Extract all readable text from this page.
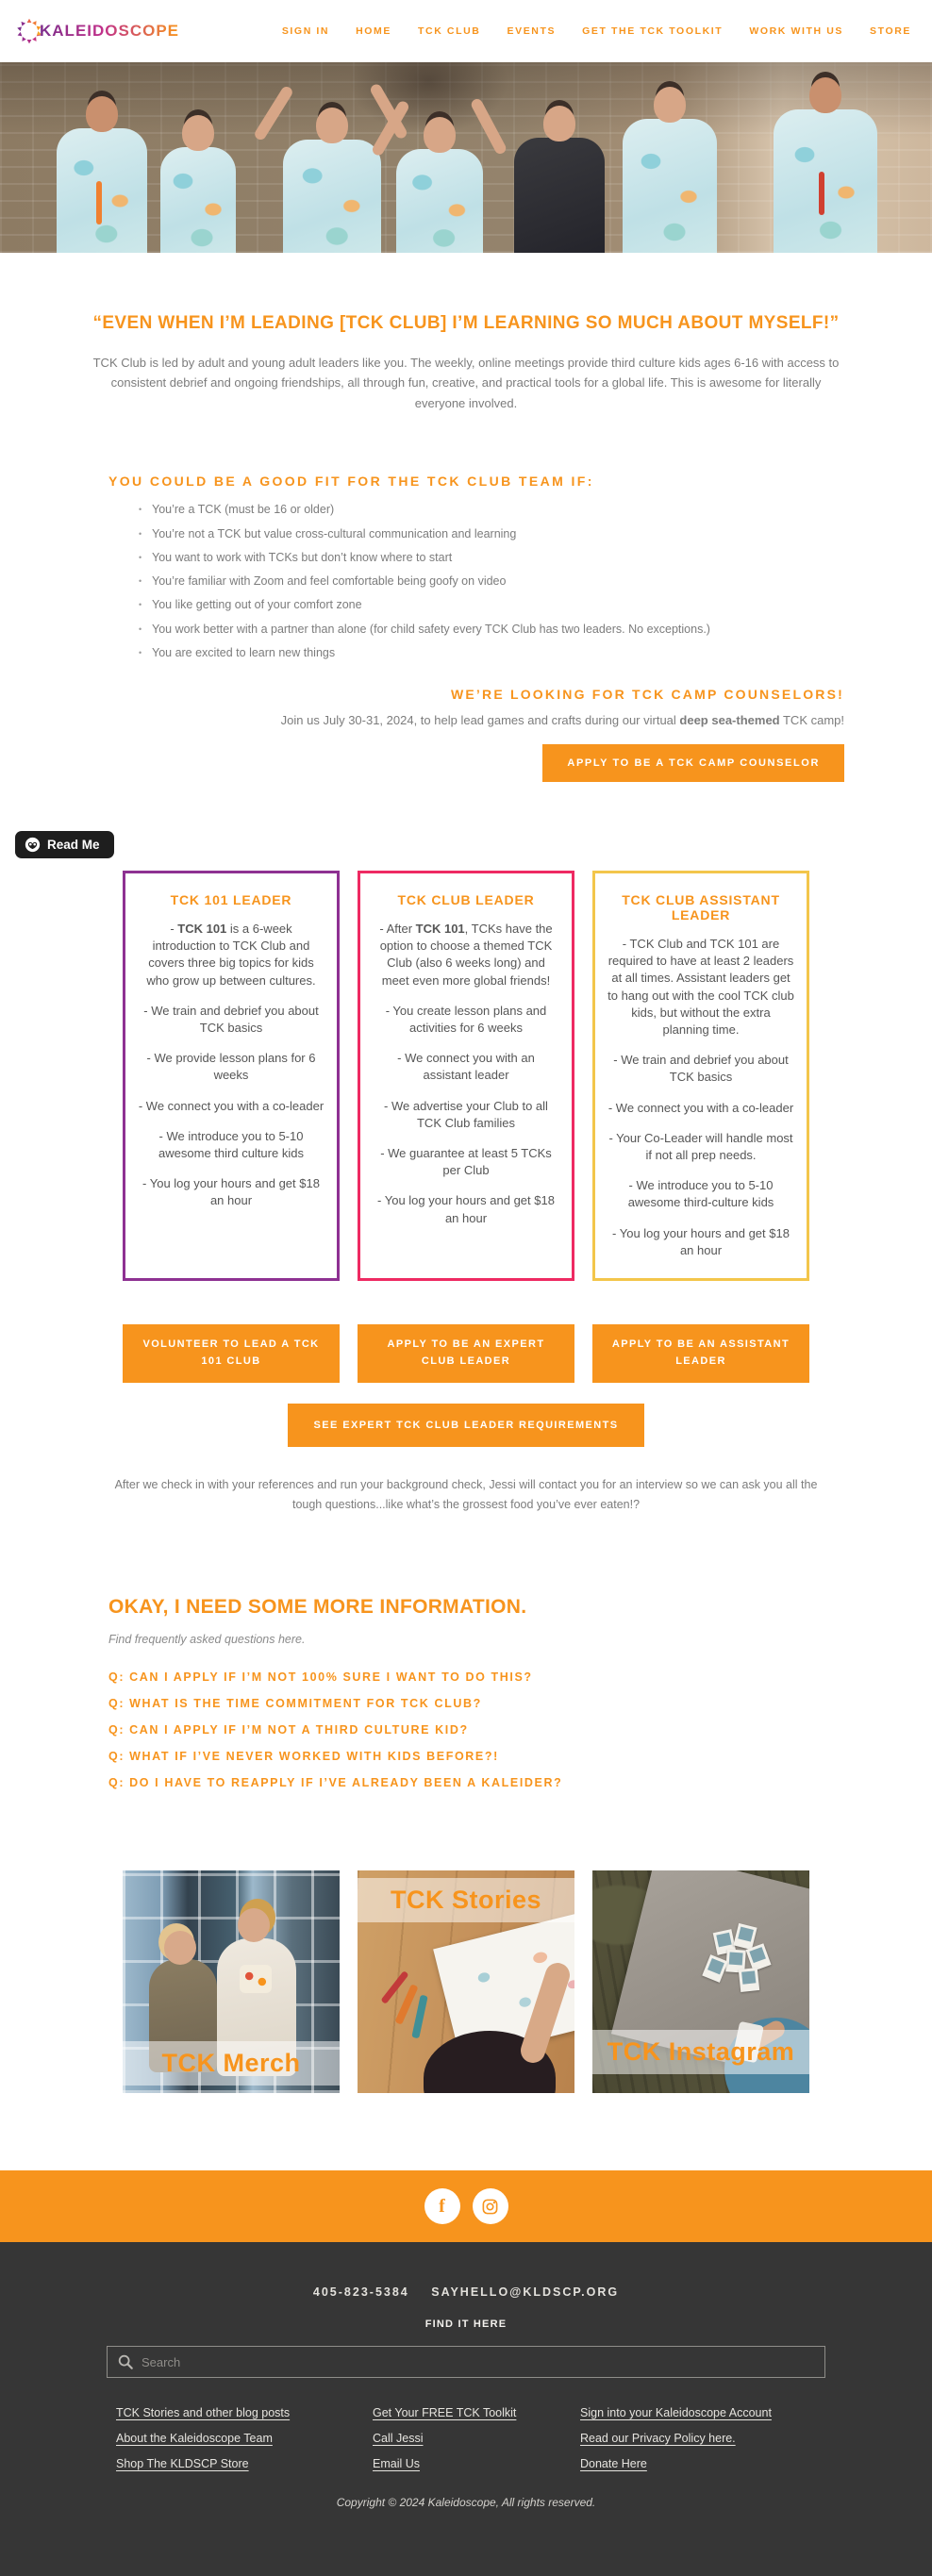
KALEIDOSCOPE	SIGN IN	HOME	TCK CLUB	EVENTS	GET THE TCK TOOLKIT	WORK WITH US	STORE
“EVEN WHEN I’M LEADING [TCK CLUB] I’M LEARNING SO MUCH ABOUT MYSELF!”

TCK Club is led by adult and young adult leaders like you. The weekly, online meetings provide third culture kids ages 6-16 with access to consistent debrief and ongoing friendships, all through fun, creative, and practical tools for a global life. This is awesome for literally everyone involved.

YOU COULD BE A GOOD FIT FOR THE TCK CLUB TEAM IF:
• You’re a TCK (must be 16 or older)
• You’re not a TCK but value cross-cultural communication and learning
• You want to work with TCKs but don’t know where to start
• You’re familiar with Zoom and feel comfortable being goofy on video
• You like getting out of your comfort zone
• You work better with a partner than alone (for child safety every TCK Club has two leaders. No exceptions.)
• You are excited to learn new things
WE’RE LOOKING FOR TCK CAMP COUNSELORS!

Join us July 30-31, 2024, to help lead games and crafts during our virtual deep sea-themed TCK camp!

APPLY TO BE A TCK CAMP COUNSELOR
TCK 101 LEADER

- TCK 101 is a 6-week introduction to TCK Club and covers three big topics for kids who grow up between cultures.

- We train and debrief you about TCK basics

- We provide lesson plans for 6 weeks

- We connect you with a co-leader

- We introduce you to 5-10 awesome third culture kids

- You log your hours and get $18 an hour

TCK CLUB LEADER

- After TCK 101, TCKs have the option to choose a themed TCK Club (also 6 weeks long) and meet even more global friends!

- You create lesson plans and activities for 6 weeks

- We connect you with an assistant leader

- We advertise your Club to all TCK Club families

- We guarantee at least 5 TCKs per Club

- You log your hours and get $18 an hour

TCK CLUB ASSISTANT LEADER

- TCK Club and TCK 101 are required to have at least 2 leaders at all times. Assistant leaders get to hang out with the cool TCK club kids, but without the extra planning time.

- We train and debrief you about TCK basics

- We connect you with a co-leader

- Your Co-Leader will handle most if not all prep needs.

- We introduce you to 5-10 awesome third-culture kids

- You log your hours and get $18 an hour

VOLUNTEER TO LEAD A TCK 101 CLUB
APPLY TO BE AN EXPERT CLUB LEADER
APPLY TO BE AN ASSISTANT LEADER
SEE EXPERT TCK CLUB LEADER REQUIREMENTS

After we check in with your references and run your background check, Jessi will contact you for an interview so we can ask you all the tough questions...like what’s the grossest food you’ve ever eaten!?

OKAY, I NEED SOME MORE INFORMATION.

Find frequently asked questions here.

Q: CAN I APPLY IF I’M NOT 100% SURE I WANT TO DO THIS?
Q: WHAT IS THE TIME COMMITMENT FOR TCK CLUB?
Q: CAN I APPLY IF I’M NOT A THIRD CULTURE KID?
Q: WHAT IF I’VE NEVER WORKED WITH KIDS BEFORE?!
Q: DO I HAVE TO REAPPLY IF I’VE ALREADY BEEN A KALEIDER?
TCK Merch
TCK Stories
TCK Instagram
Read Me
f
405-823-5384 SAYHELLO@KLDSCP.ORG
FIND IT HERE
Search
TCK Stories and other blog posts
About the Kaleidoscope Team
Shop The KLDSCP Store
Get Your FREE TCK Toolkit
Call Jessi
Email Us
Sign into your Kaleidoscope Account
Read our Privacy Policy here.
Donate Here
Copyright © 2024 Kaleidoscope, All rights reserved.
